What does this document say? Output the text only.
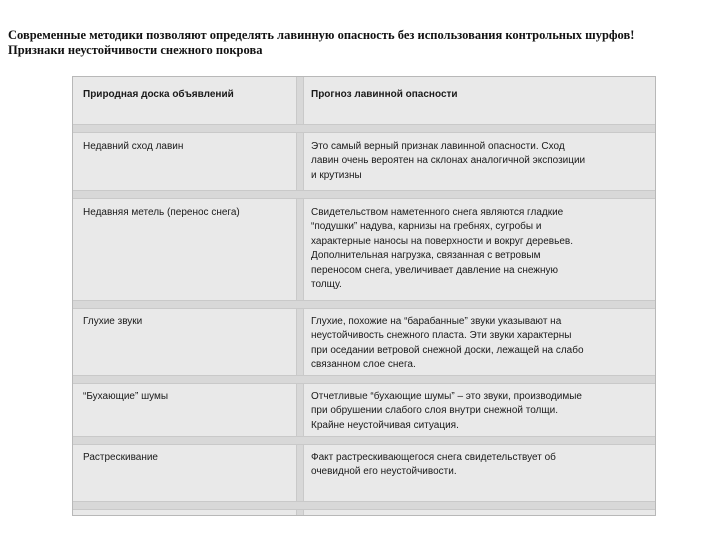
Современные методики позволяют определять лавинную опасность без использования контрольных шурфов!
Признаки неустойчивости снежного покрова
Природная доска объявлений	Прогноз лавинной опасности
Недавний сход лавин	Это самый верный признак лавинной опасности. Сход
лавин очень вероятен на склонах аналогичной экспозиции
и крутизны
Недавняя метель (перенос снега)	Свидетельством наметенного снега являются гладкие
“подушки” надува, карнизы на гребнях, сугробы и
характерные наносы на поверхности и вокруг деревьев.
Дополнительная нагрузка, связанная с ветровым
переносом снега, увеличивает давление на снежную
толщу.
Глухие звуки	Глухие, похожие на “барабанные” звуки указывают на
неустойчивость снежного пласта. Эти звуки характерны
при оседании ветровой снежной доски, лежащей на слабо
связанном слое снега.
“Бухающие” шумы	Отчетливые “бухающие шумы” – это звуки, производимые
при обрушении слабого слоя внутри снежной толщи.
Крайне неустойчивая ситуация.
Растрескивание	Факт растрескивающегося снега свидетельствует об
очевидной его неустойчивости.
